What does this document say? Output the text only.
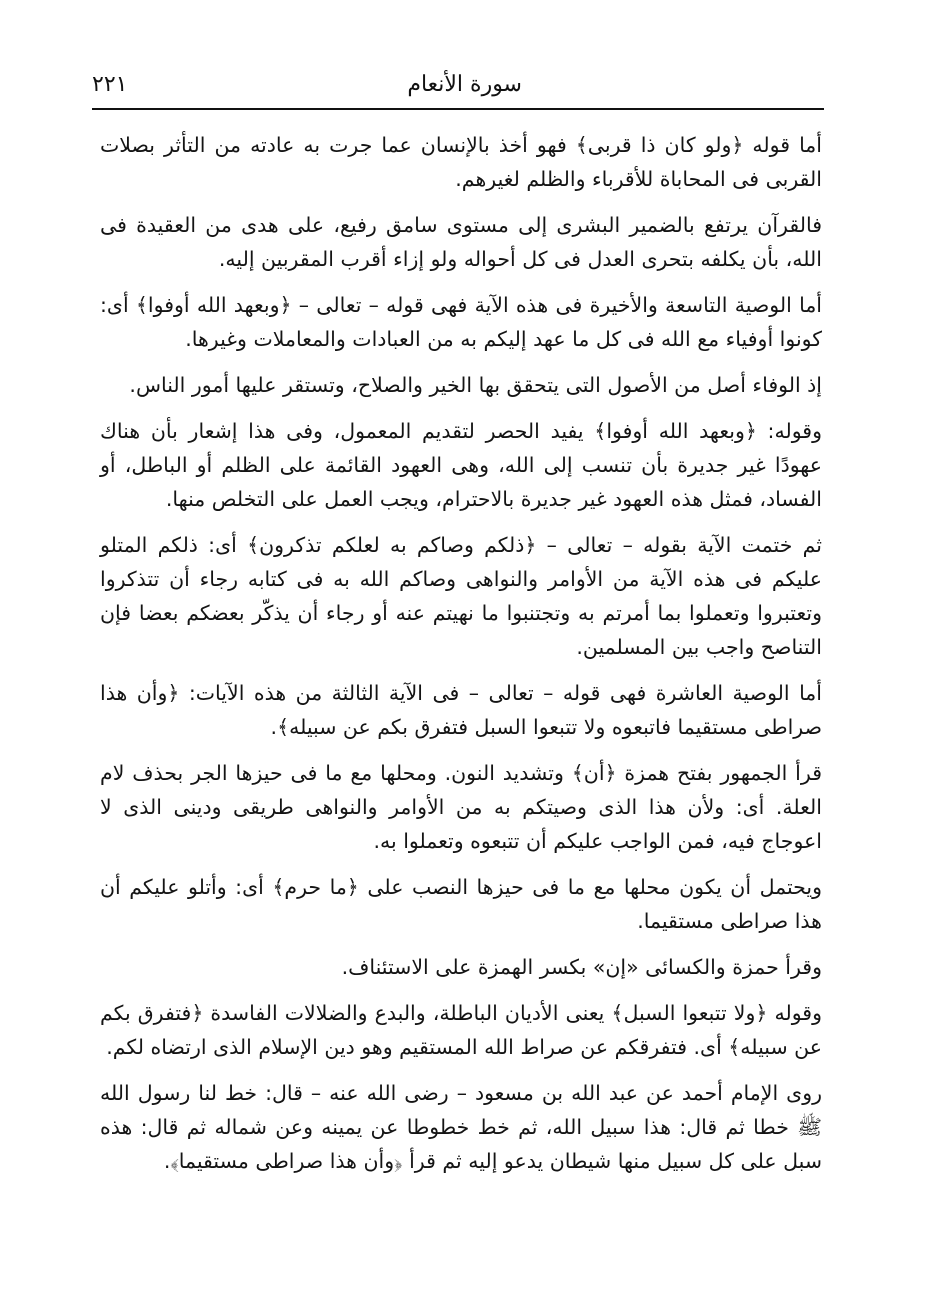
سورة الأنعام
٢٢١

أما قوله ﴿ولو كان ذا قربى﴾ فهو أخذ بالإنسان عما جرت به عادته من التأثر بصلات القربى فى المحاباة للأقرباء والظلم لغيرهم.

فالقرآن يرتفع بالضمير البشرى إلى مستوى سامق رفيع، على هدى من العقيدة فى الله، بأن يكلفه بتحرى العدل فى كل أحواله ولو إزاء أقرب المقربين إليه.

أما الوصية التاسعة والأخيرة فى هذه الآية فهى قوله – تعالى – ﴿وبعهد الله أوفوا﴾ أى: كونوا أوفياء مع الله فى كل ما عهد إليكم به من العبادات والمعاملات وغيرها.

إذ الوفاء أصل من الأصول التى يتحقق بها الخير والصلاح، وتستقر عليها أمور الناس.

وقوله: ﴿وبعهد الله أوفوا﴾ يفيد الحصر لتقديم المعمول، وفى هذا إشعار بأن هناك عهودًا غير جديرة بأن تنسب إلى الله، وهى العهود القائمة على الظلم أو الباطل، أو الفساد، فمثل هذه العهود غير جديرة بالاحترام، ويجب العمل على التخلص منها.

ثم ختمت الآية بقوله – تعالى – ﴿ذلكم وصاكم به لعلكم تذكرون﴾ أى: ذلكم المتلو عليكم فى هذه الآية من الأوامر والنواهى وصاكم الله به فى كتابه رجاء أن تتذكروا وتعتبروا وتعملوا بما أمرتم به وتجتنبوا ما نهيتم عنه أو رجاء أن يذكّر بعضكم بعضا فإن التناصح واجب بين المسلمين.

أما الوصية العاشرة فهى قوله – تعالى – فى الآية الثالثة من هذه الآيات: ﴿وأن هذا صراطى مستقيما فاتبعوه ولا تتبعوا السبل فتفرق بكم عن سبيله﴾.

قرأ الجمهور بفتح همزة ﴿أن﴾ وتشديد النون. ومحلها مع ما فى حيزها الجر بحذف لام العلة. أى: ولأن هذا الذى وصيتكم به من الأوامر والنواهى طريقى ودينى الذى لا اعوجاج فيه، فمن الواجب عليكم أن تتبعوه وتعملوا به.

ويحتمل أن يكون محلها مع ما فى حيزها النصب على ﴿ما حرم﴾ أى: وأتلو عليكم أن هذا صراطى مستقيما.

وقرأ حمزة والكسائى «إن» بكسر الهمزة على الاستئناف.

وقوله ﴿ولا تتبعوا السبل﴾ يعنى الأديان الباطلة، والبدع والضلالات الفاسدة ﴿فتفرق بكم عن سبيله﴾ أى. فتفرقكم عن صراط الله المستقيم وهو دين الإسلام الذى ارتضاه لكم.

روى الإمام أحمد عن عبد الله بن مسعود – رضى الله عنه – قال: خط لنا رسول الله ﷺ خطا ثم قال: هذا سبيل الله، ثم خط خطوطا عن يمينه وعن شماله ثم قال: هذه سبل على كل سبيل منها شيطان يدعو إليه ثم قرأ ﴿وأن هذا صراطى مستقيما﴾.
